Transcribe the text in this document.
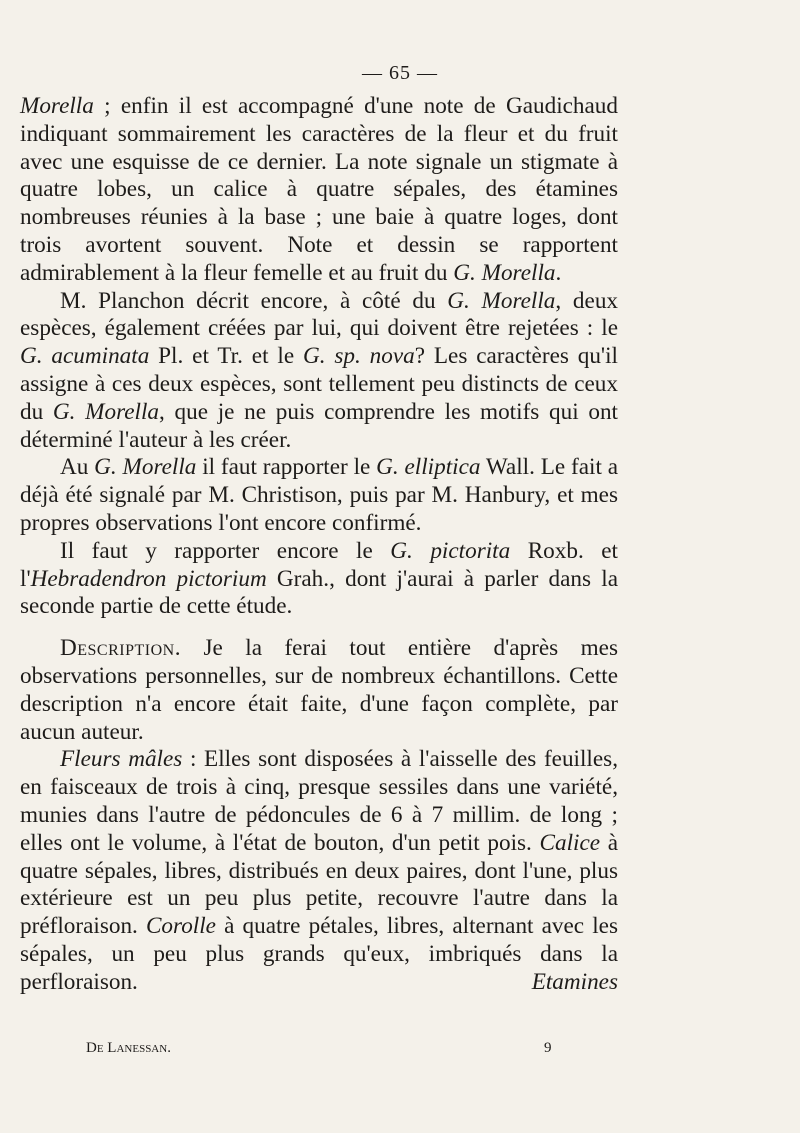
— 65 —

Morella ; enfin il est accompagné d'une note de Gaudichaud indiquant sommairement les caractères de la fleur et du fruit avec une esquisse de ce dernier. La note signale un stigmate à quatre lobes, un calice à quatre sépales, des étamines nombreuses réunies à la base ; une baie à quatre loges, dont trois avortent souvent. Note et dessin se rapportent admirablement à la fleur femelle et au fruit du G. Morella.

M. Planchon décrit encore, à côté du G. Morella, deux espèces, également créées par lui, qui doivent être rejetées : le G. acuminata Pl. et Tr. et le G. sp. nova? Les caractères qu'il assigne à ces deux espèces, sont tellement peu distincts de ceux du G. Morella, que je ne puis comprendre les motifs qui ont déterminé l'auteur à les créer.

Au G. Morella il faut rapporter le G. elliptica Wall. Le fait a déjà été signalé par M. Christison, puis par M. Hanbury, et mes propres observations l'ont encore confirmé.

Il faut y rapporter encore le G. pictorita Roxb. et l'Hebradendron pictorium Grah., dont j'aurai à parler dans la seconde partie de cette étude.

Description. Je la ferai tout entière d'après mes observations personnelles, sur de nombreux échantillons. Cette description n'a encore était faite, d'une façon complète, par aucun auteur.

Fleurs mâles : Elles sont disposées à l'aisselle des feuilles, en faisceaux de trois à cinq, presque sessiles dans une variété, munies dans l'autre de pédoncules de 6 à 7 millim. de long ; elles ont le volume, à l'état de bouton, d'un petit pois. Calice à quatre sépales, libres, distribués en deux paires, dont l'une, plus extérieure est un peu plus petite, recouvre l'autre dans la préfloraison. Corolle à quatre pétales, libres, alternant avec les sépales, un peu plus grands qu'eux, imbriqués dans la perfloraison. Etamines

De Lanessan.	9
